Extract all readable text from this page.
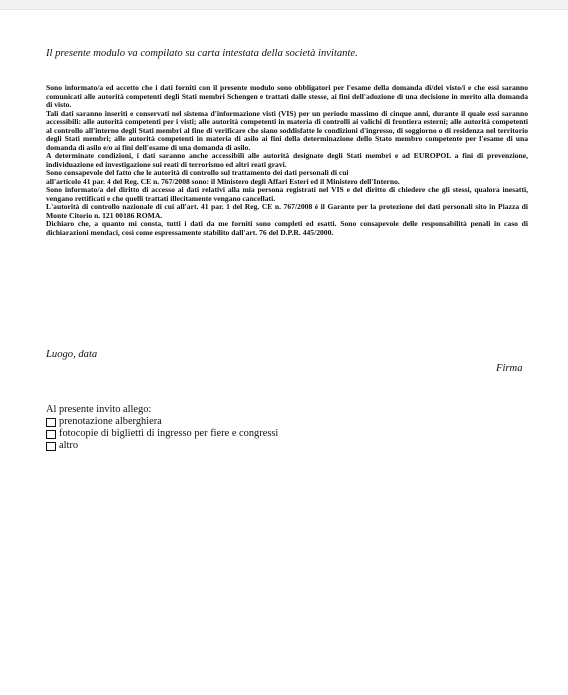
Il presente modulo va compilato su carta intestata della società invitante.

Sono informato/a ed accetto che i dati forniti con il presente modulo sono obbligatori per l'esame della domanda di/dei visto/i e che essi saranno comunicati alle autorità competenti degli Stati membri Schengen e trattati dalle stesse, ai fini dell'adozione di una decisione in merito alla domanda di visto.

Tali dati saranno inseriti e conservati nel sistema d'informazione visti (VIS) per un periodo massimo di cinque anni, durante il quale essi saranno accessibili: alle autorità competenti per i visti; alle autorità competenti in materia di controlli ai valichi di frontiera esterni; alle autorità competenti al controllo all'interno degli Stati membri al fine di verificare che siano soddisfatte le condizioni d'ingresso, di soggiorno o di residenza nel territorio degli Stati membri; alle autorità competenti in materia di asilo ai fini della determinazione dello Stato membro competente per l'esame di una domanda di asilo e/o ai fini dell'esame di una domanda di asilo.

A determinate condizioni, i dati saranno anche accessibili alle autorità designate degli Stati membri e ad EUROPOL a fini di prevenzione, individuazione ed investigazione sui reati di terrorismo ed altri reati gravi.

Sono consapevole del fatto che le autorità di controllo sul trattamento dei dati personali di cui

all'articolo 41 par. 4 del Reg. CE n. 767/2008 sono: il Ministero degli Affari Esteri ed il Ministero dell'Interno.

Sono informato/a del diritto di accesso ai dati relativi alla mia persona registrati nel VIS e del diritto di chiedere che gli stessi, qualora inesatti, vengano rettificati e che quelli trattati illecitamente vengano cancellati.

L'autorità di controllo nazionale di cui all'art. 41 par. 1 del Reg. CE n. 767/2008 è il Garante per la protezione dei dati personali sito in Piazza di Monte Citorio n. 121 00186 ROMA.

Dichiaro che, a quanto mi consta, tutti i dati da me forniti sono completi ed esatti. Sono consapevole delle responsabilità penali in caso di dichiarazioni mendaci, così come espressamente stabilito dall'art. 76 del D.P.R. 445/2000.

Luogo, data
Firma
Al presente invito allego:
prenotazione alberghiera
fotocopie di biglietti di ingresso per fiere e congressi
altro
